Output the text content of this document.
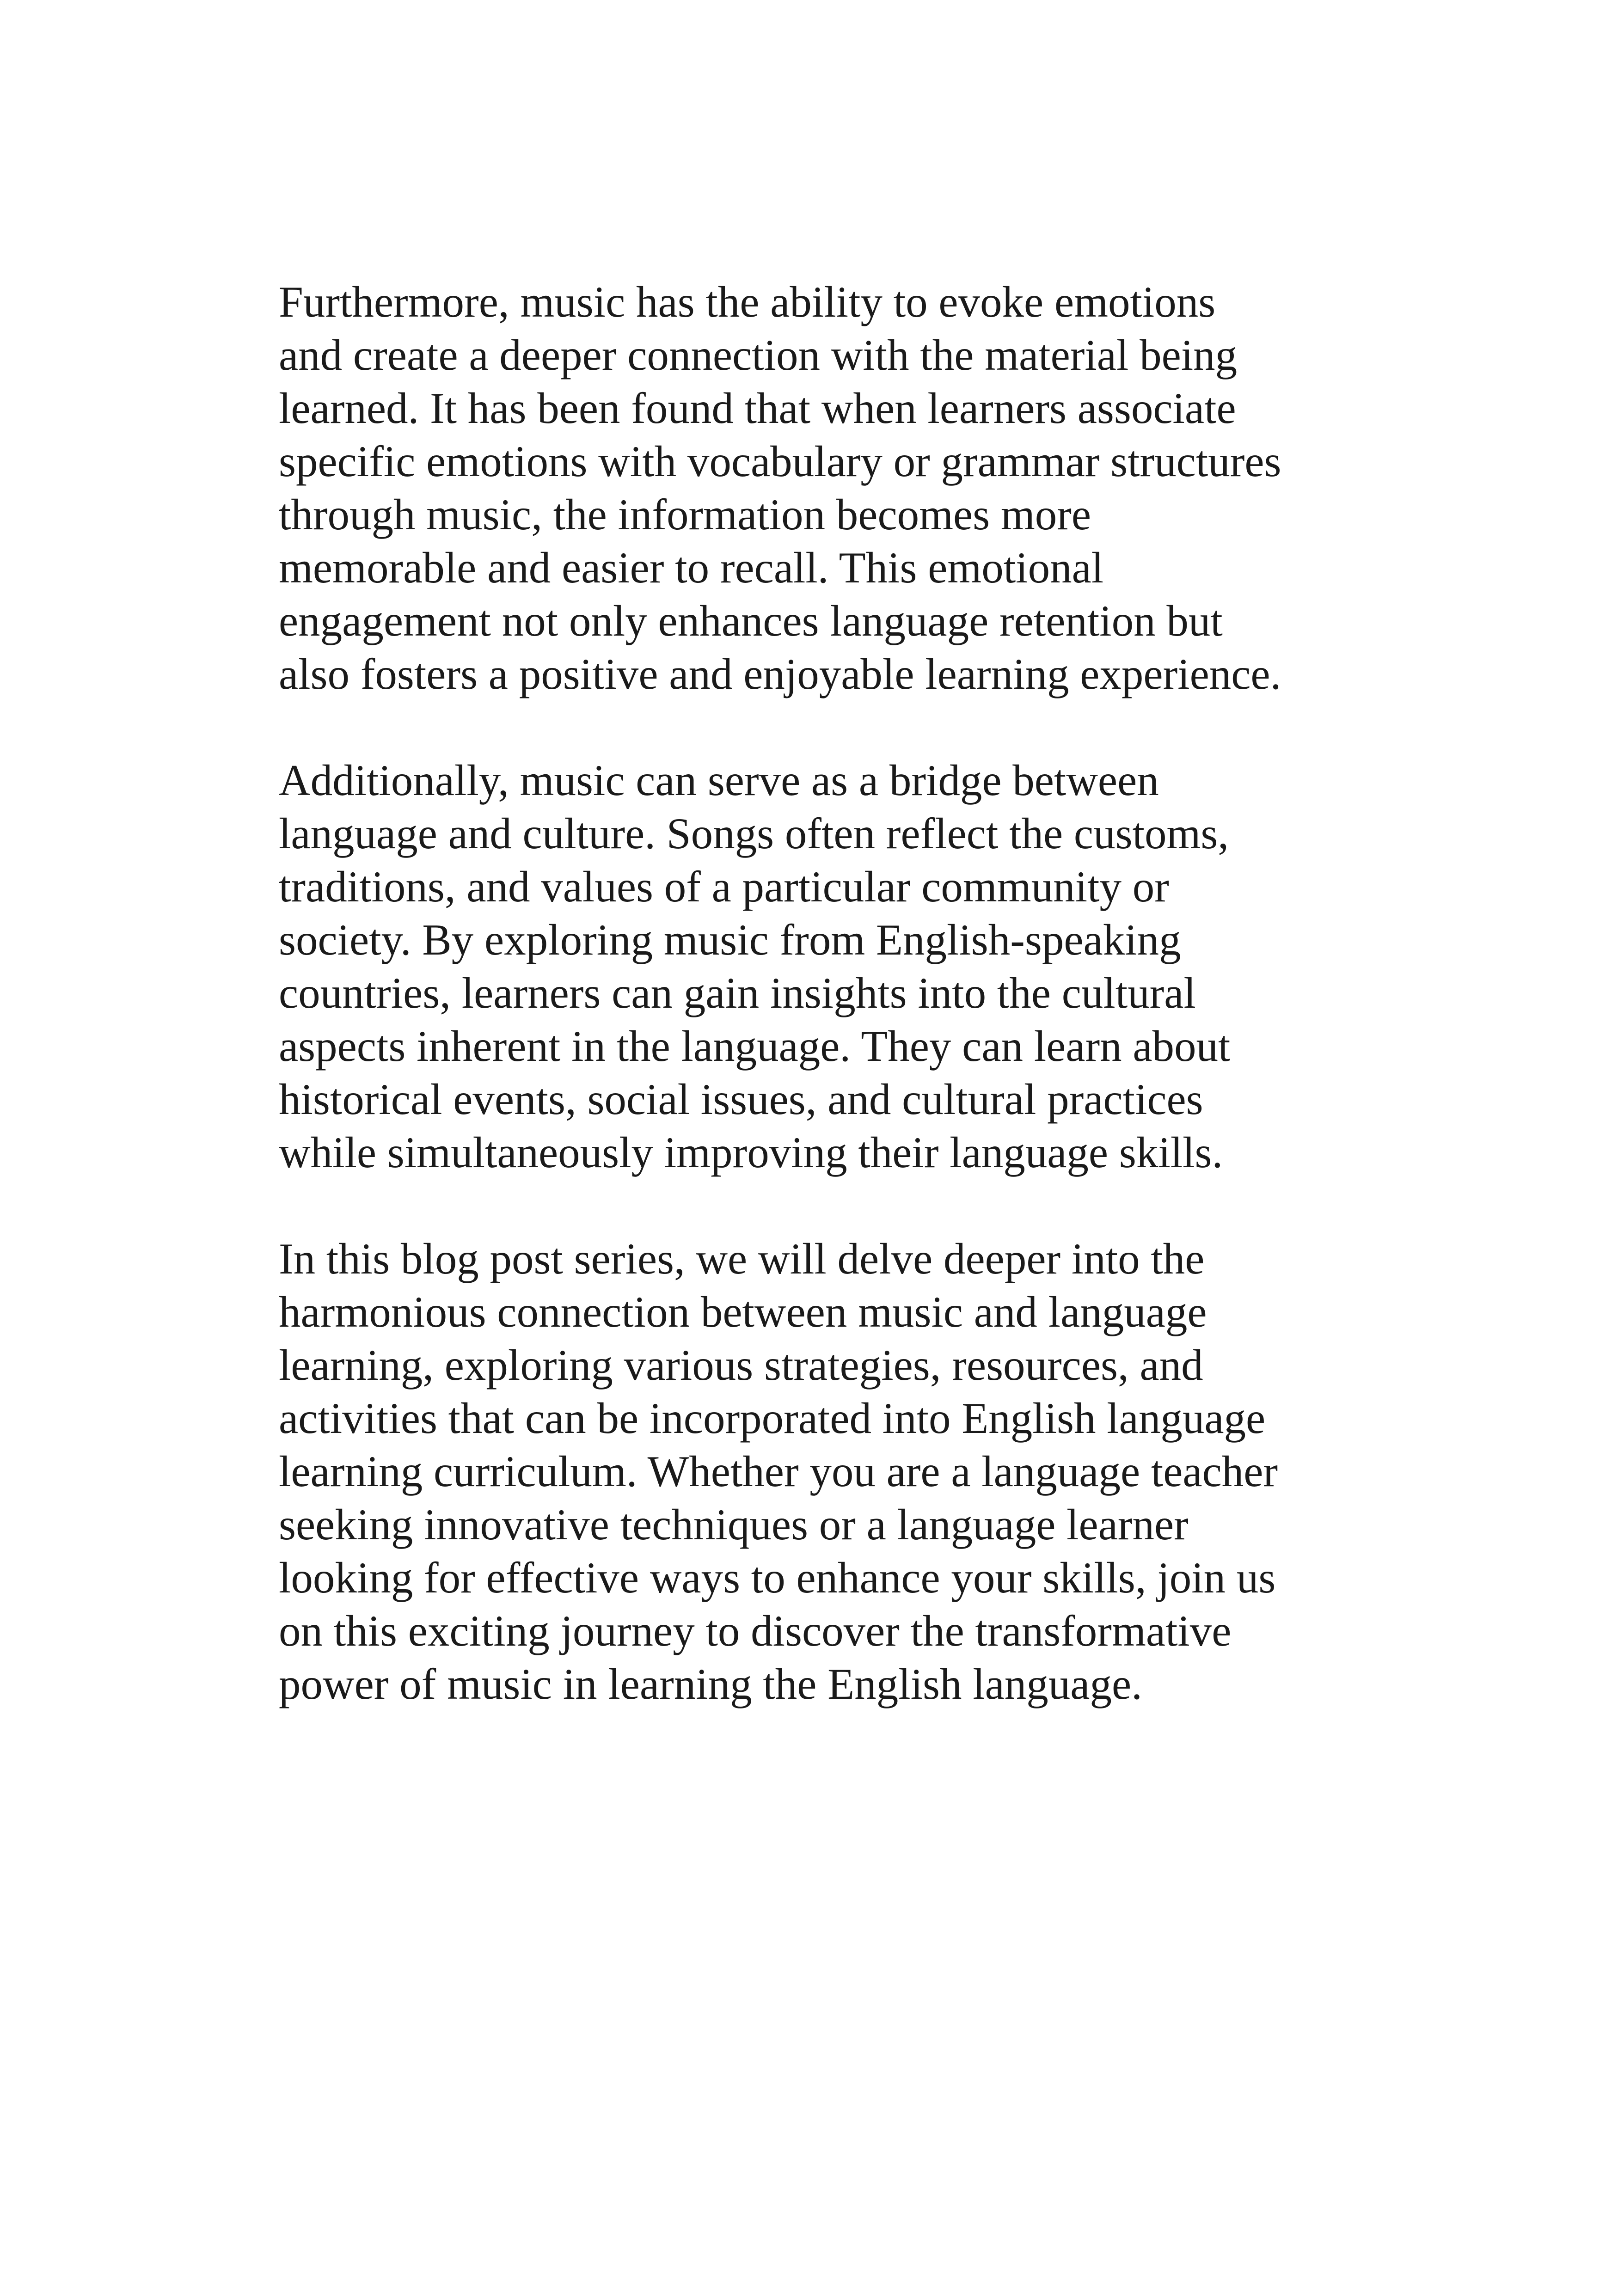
Furthermore, music has the ability to evoke emotions
and create a deeper connection with the material being
learned. It has been found that when learners associate
specific emotions with vocabulary or grammar structures
through music, the information becomes more
memorable and easier to recall. This emotional
engagement not only enhances language retention but
also fosters a positive and enjoyable learning experience.

Additionally, music can serve as a bridge between
language and culture. Songs often reflect the customs,
traditions, and values of a particular community or
society. By exploring music from English-speaking
countries, learners can gain insights into the cultural
aspects inherent in the language. They can learn about
historical events, social issues, and cultural practices
while simultaneously improving their language skills.

In this blog post series, we will delve deeper into the
harmonious connection between music and language
learning, exploring various strategies, resources, and
activities that can be incorporated into English language
learning curriculum. Whether you are a language teacher
seeking innovative techniques or a language learner
looking for effective ways to enhance your skills, join us
on this exciting journey to discover the transformative
power of music in learning the English language.
